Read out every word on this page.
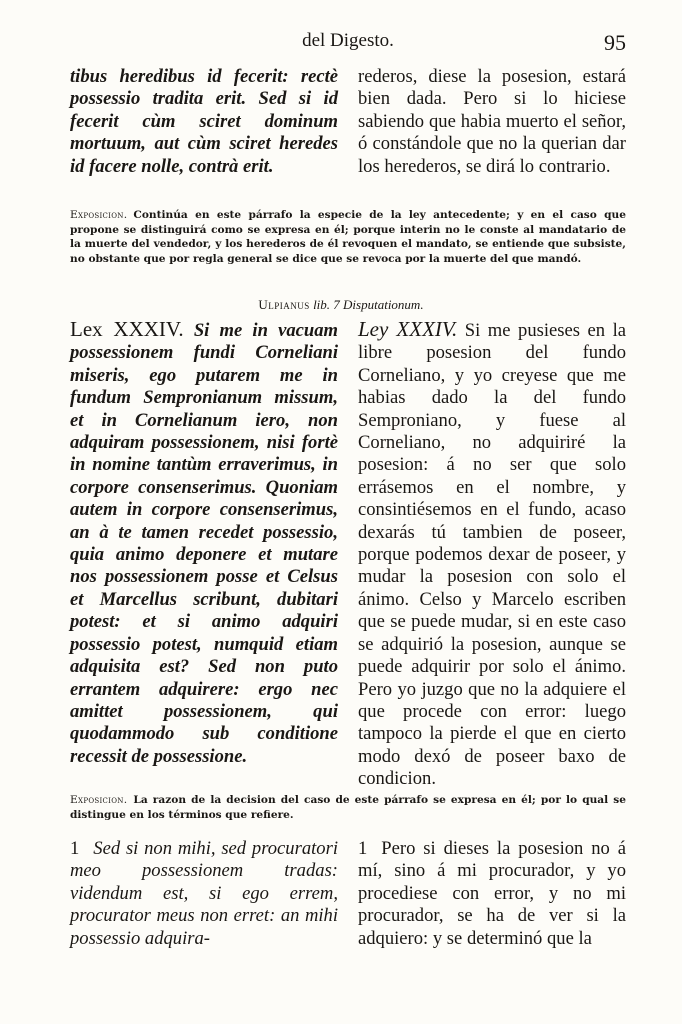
del Digesto.	95
tibus heredibus id fecerit: rectè possessio tradita erit. Sed si id fecerit cùm sciret dominum mortuum, aut cùm sciret heredes id facere nolle, contrà erit.
rederos, diese la posesion, estará bien dada. Pero si lo hiciese sabiendo que habia muerto el señor, ó constándole que no la querian dar los herederos, se dirá lo contrario.
Exposicion. Continúa en este párrafo la especie de la ley antecedente; y en el caso que propone se distinguirá como se expresa en él; porque interin no le conste al mandatario de la muerte del vendedor, y los herederos de él revoquen el mandato, se entiende que subsiste, no obstante que por regla general se dice que se revoca por la muerte del que mandó.
Ulpianus lib. 7 Disputationum.
Lex XXXIV. Si me in vacuam possessionem fundi Corneliani miseris, ego putarem me in fundum Sempronianum missum, et in Cornelianum iero, non adquiram possessionem, nisi fortè in nomine tantùm erraverimus, in corpore consenserimus. Quoniam autem in corpore consenserimus, an à te tamen recedet possessio, quia animo deponere et mutare nos possessionem posse et Celsus et Marcellus scribunt, dubitari potest: et si animo adquiri possessio potest, numquid etiam adquisita est? Sed non puto errantem adquirere: ergo nec amittet possessionem, qui quodammodo sub conditione recessit de possessione.
Ley XXXIV. Si me pusieses en la libre posesion del fundo Corneliano, y yo creyese que me habias dado la del fundo Semproniano, y fuese al Corneliano, no adquiriré la posesion: á no ser que solo errásemos en el nombre, y consintiésemos en el fundo, acaso dexarás tú tambien de poseer, porque podemos dexar de poseer, y mudar la posesion con solo el ánimo. Celso y Marcelo escriben que se puede mudar, si en este caso se adquirió la posesion, aunque se puede adquirir por solo el ánimo. Pero yo juzgo que no la adquiere el que procede con error: luego tampoco la pierde el que en cierto modo dexó de poseer baxo de condicion.
Exposicion. La razon de la decision del caso de este párrafo se expresa en él; por lo qual se distingue en los términos que refiere.
1 Sed si non mihi, sed procuratori meo possessionem tradas: videndum est, si ego errem, procurator meus non erret: an mihi possessio adquira-
1 Pero si dieses la posesion no á mí, sino á mi procurador, y yo procediese con error, y no mi procurador, se ha de ver si la adquiero: y se determinó que la
